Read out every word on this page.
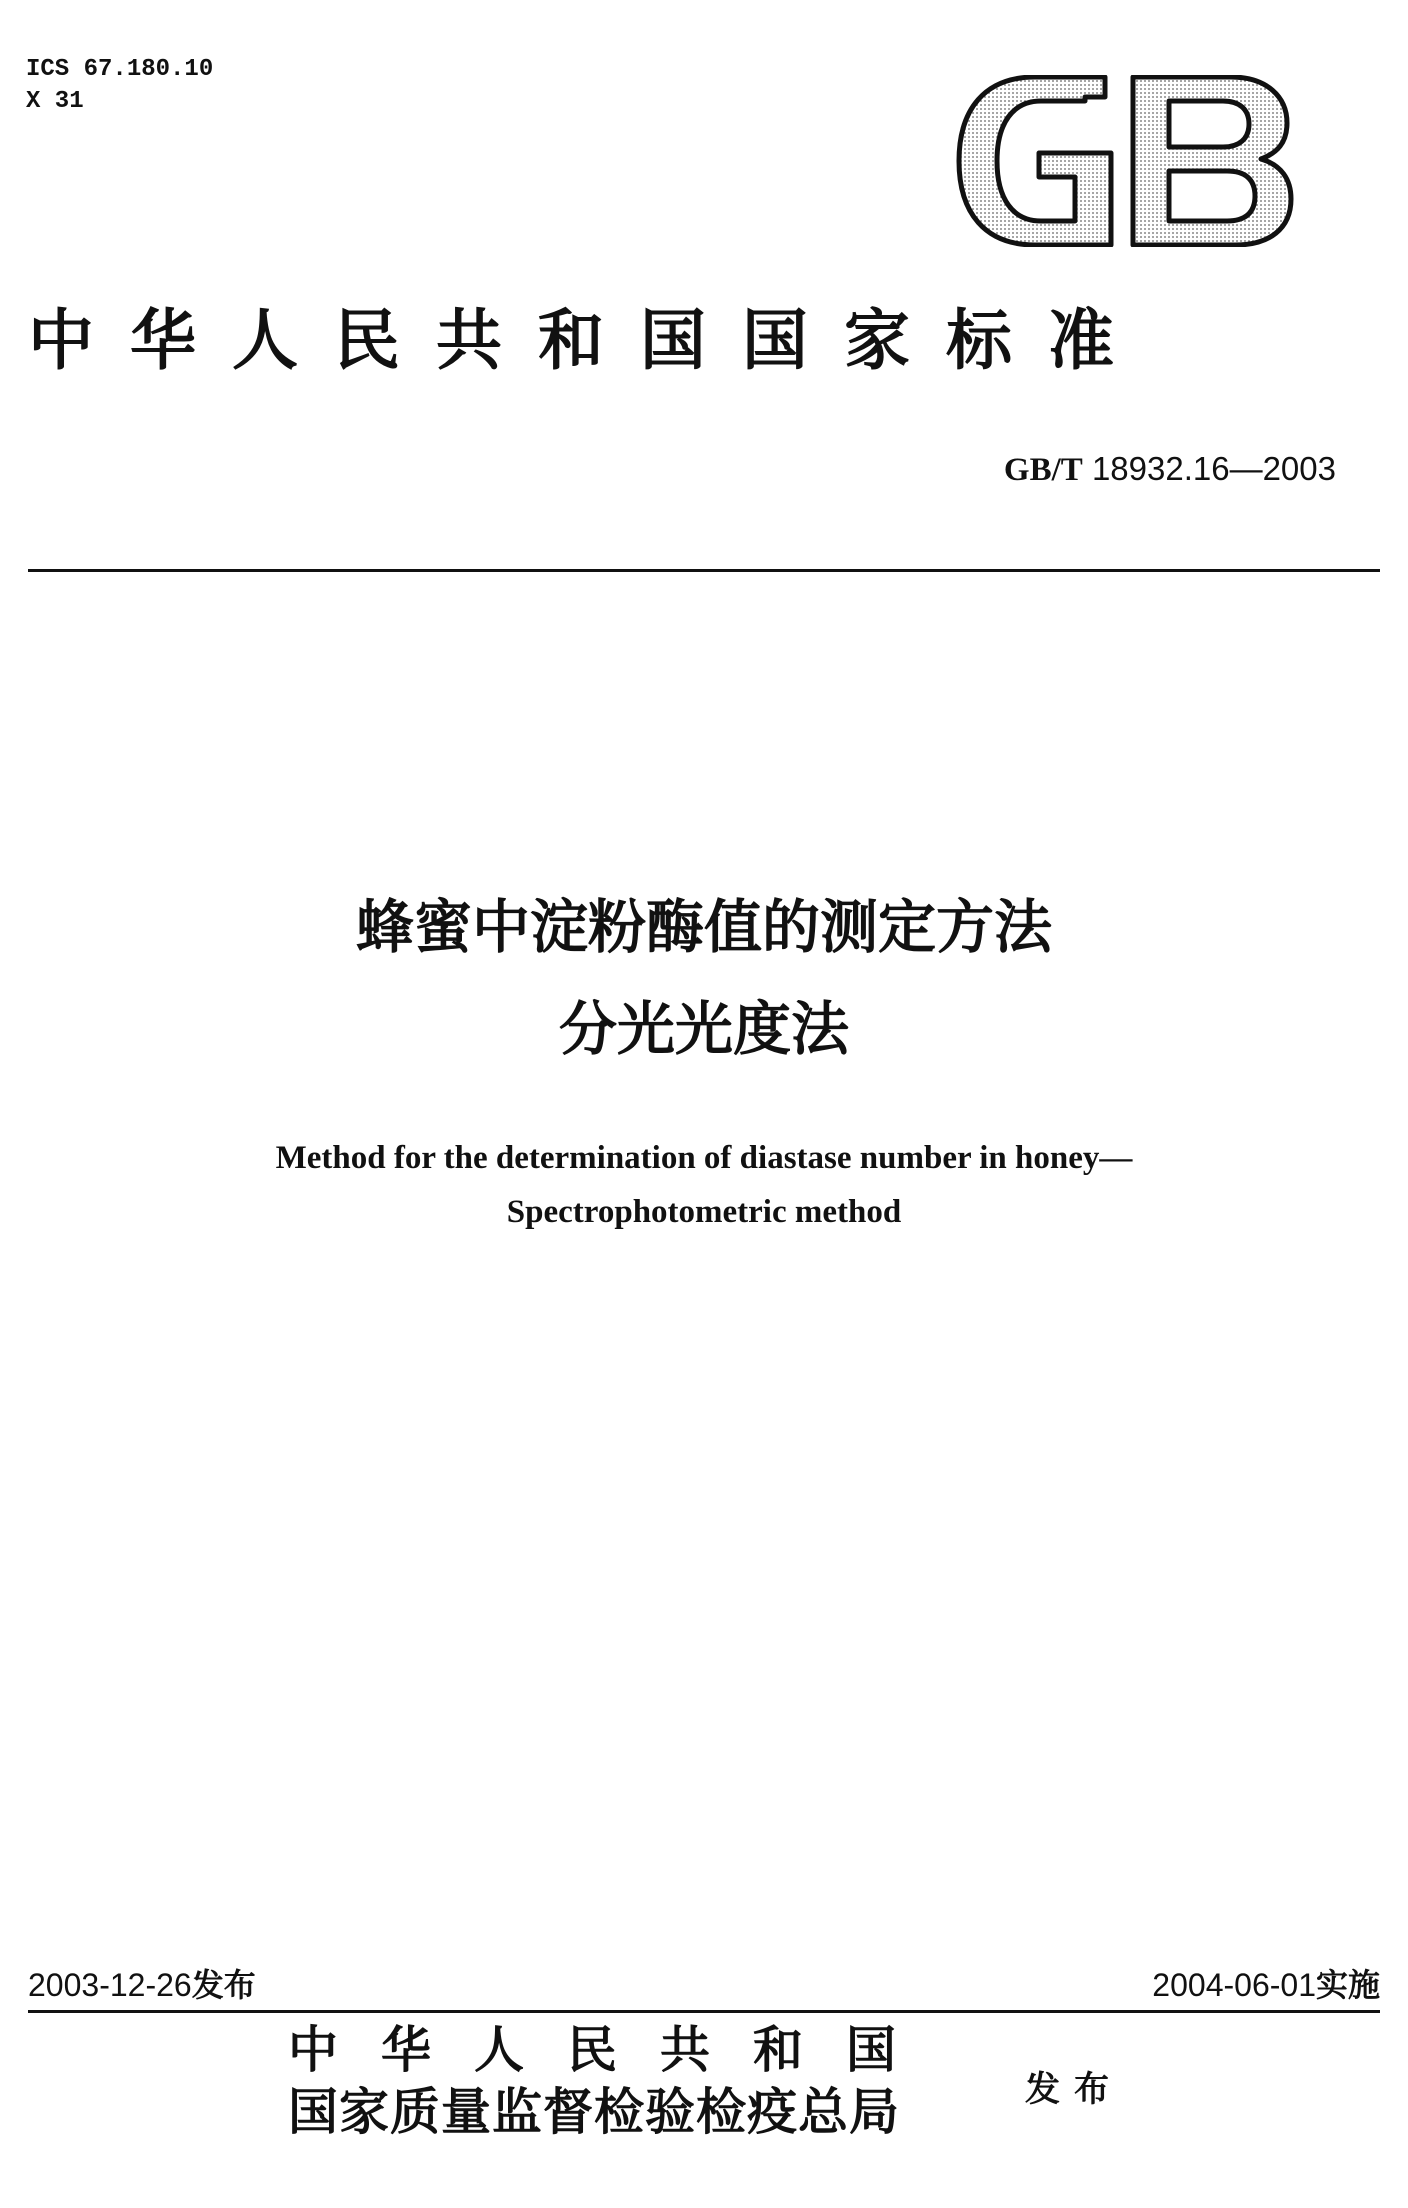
ICS 67.180.10
X 31
GB
中华人民共和国国家标准
GB/T 18932.16—2003
蜂蜜中淀粉酶值的测定方法
分光光度法
Method for the determination of diastase number in honey—
Spectrophotometric method
2003-12-26发布	2004-06-01实施
中华人民共和国
国家质量监督检验检疫总局	发布
